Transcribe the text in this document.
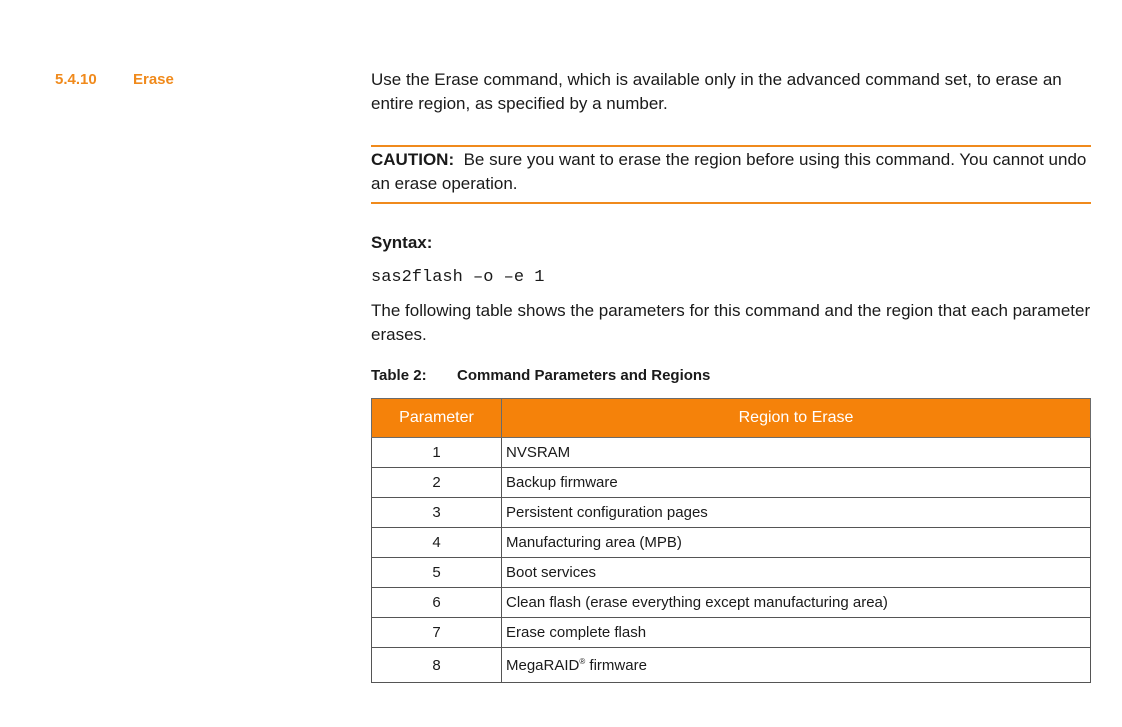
5.4.10 Erase	Use the Erase command, which is available only in the advanced command set, to erase an entire region, as specified by a number.

CAUTION: Be sure you want to erase the region before using this command. You cannot undo an erase operation.
Syntax:
sas2flash –o –e 1

The following table shows the parameters for this command and the region that each parameter erases.

Table 2: Command Parameters and Regions
Parameter	Region to Erase
1	NVSRAM
2	Backup firmware
3	Persistent configuration pages
4	Manufacturing area (MPB)
5	Boot services
6	Clean flash (erase everything except manufacturing area)
7	Erase complete flash
8	MegaRAID® firmware
